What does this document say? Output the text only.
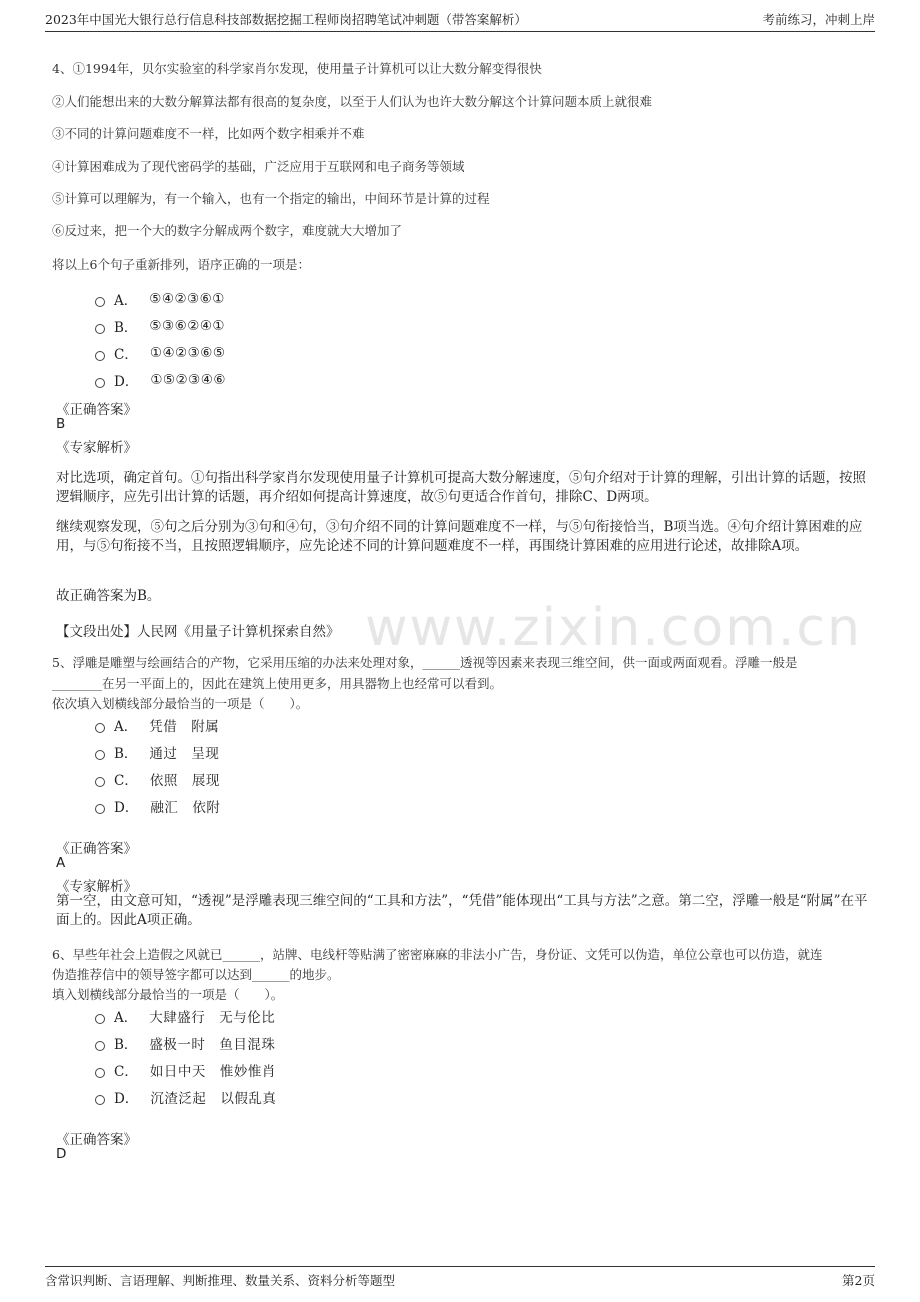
2023年中国光大银行总行信息科技部数据挖掘工程师岗招聘笔试冲刺题（带答案解析）	考前练习，冲刺上岸
www.zixin.com.cn
4、①1994年，贝尔实验室的科学家肖尔发现，使用量子计算机可以让大数分解变得很快
②人们能想出来的大数分解算法都有很高的复杂度，以至于人们认为也许大数分解这个计算问题本质上就很难
③不同的计算问题难度不一样，比如两个数字相乘并不难
④计算困难成为了现代密码学的基础，广泛应用于互联网和电子商务等领域
⑤计算可以理解为，有一个输入，也有一个指定的输出，中间环节是计算的过程
⑥反过来，把一个大的数字分解成两个数字，难度就大大增加了
将以上6个句子重新排列，语序正确的一项是：
A． ⑤④②③⑥①
B． ⑤③⑥②④①
C． ①④②③⑥⑤
D． ①⑤②③④⑥
《正确答案》
B
《专家解析》
对比选项，确定首句。①句指出科学家肖尔发现使用量子计算机可提高大数分解速度，⑤句介绍对于计算的理解，引出计算的话题，按照逻辑顺序，应先引出计算的话题，再介绍如何提高计算速度，故⑤句更适合作首句，排除C、D两项。
继续观察发现，⑤句之后分别为③句和④句，③句介绍不同的计算问题难度不一样，与⑤句衔接恰当，B项当选。④句介绍计算困难的应用，与⑤句衔接不当，且按照逻辑顺序，应先论述不同的计算问题难度不一样，再围绕计算困难的应用进行论述，故排除A项。
故正确答案为B。
【文段出处】人民网《用量子计算机探索自然》
5、浮雕是雕塑与绘画结合的产物，它采用压缩的办法来处理对象，______透视等因素来表现三维空间，供一面或两面观看。浮雕一般是
________在另一平面上的，因此在建筑上使用更多，用具器物上也经常可以看到。
依次填入划横线部分最恰当的一项是（　　）。
A． 凭借　附属
B． 通过　呈现
C． 依照　展现
D． 融汇　依附
《正确答案》
A
《专家解析》
第一空，由文意可知，“透视”是浮雕表现三维空间的“工具和方法”，“凭借”能体现出“工具与方法”之意。第二空，浮雕一般是“附属”在平面上的。因此A项正确。
6、早些年社会上造假之风就已______，站牌、电线杆等贴满了密密麻麻的非法小广告，身份证、文凭可以伪造，单位公章也可以仿造，就连
伪造推荐信中的领导签字都可以达到______的地步。
填入划横线部分最恰当的一项是（　　）。
A． 大肆盛行　无与伦比
B． 盛极一时　鱼目混珠
C． 如日中天　惟妙惟肖
D． 沉渣泛起　以假乱真
《正确答案》
D
含常识判断、言语理解、判断推理、数量关系、资料分析等题型	第2页
